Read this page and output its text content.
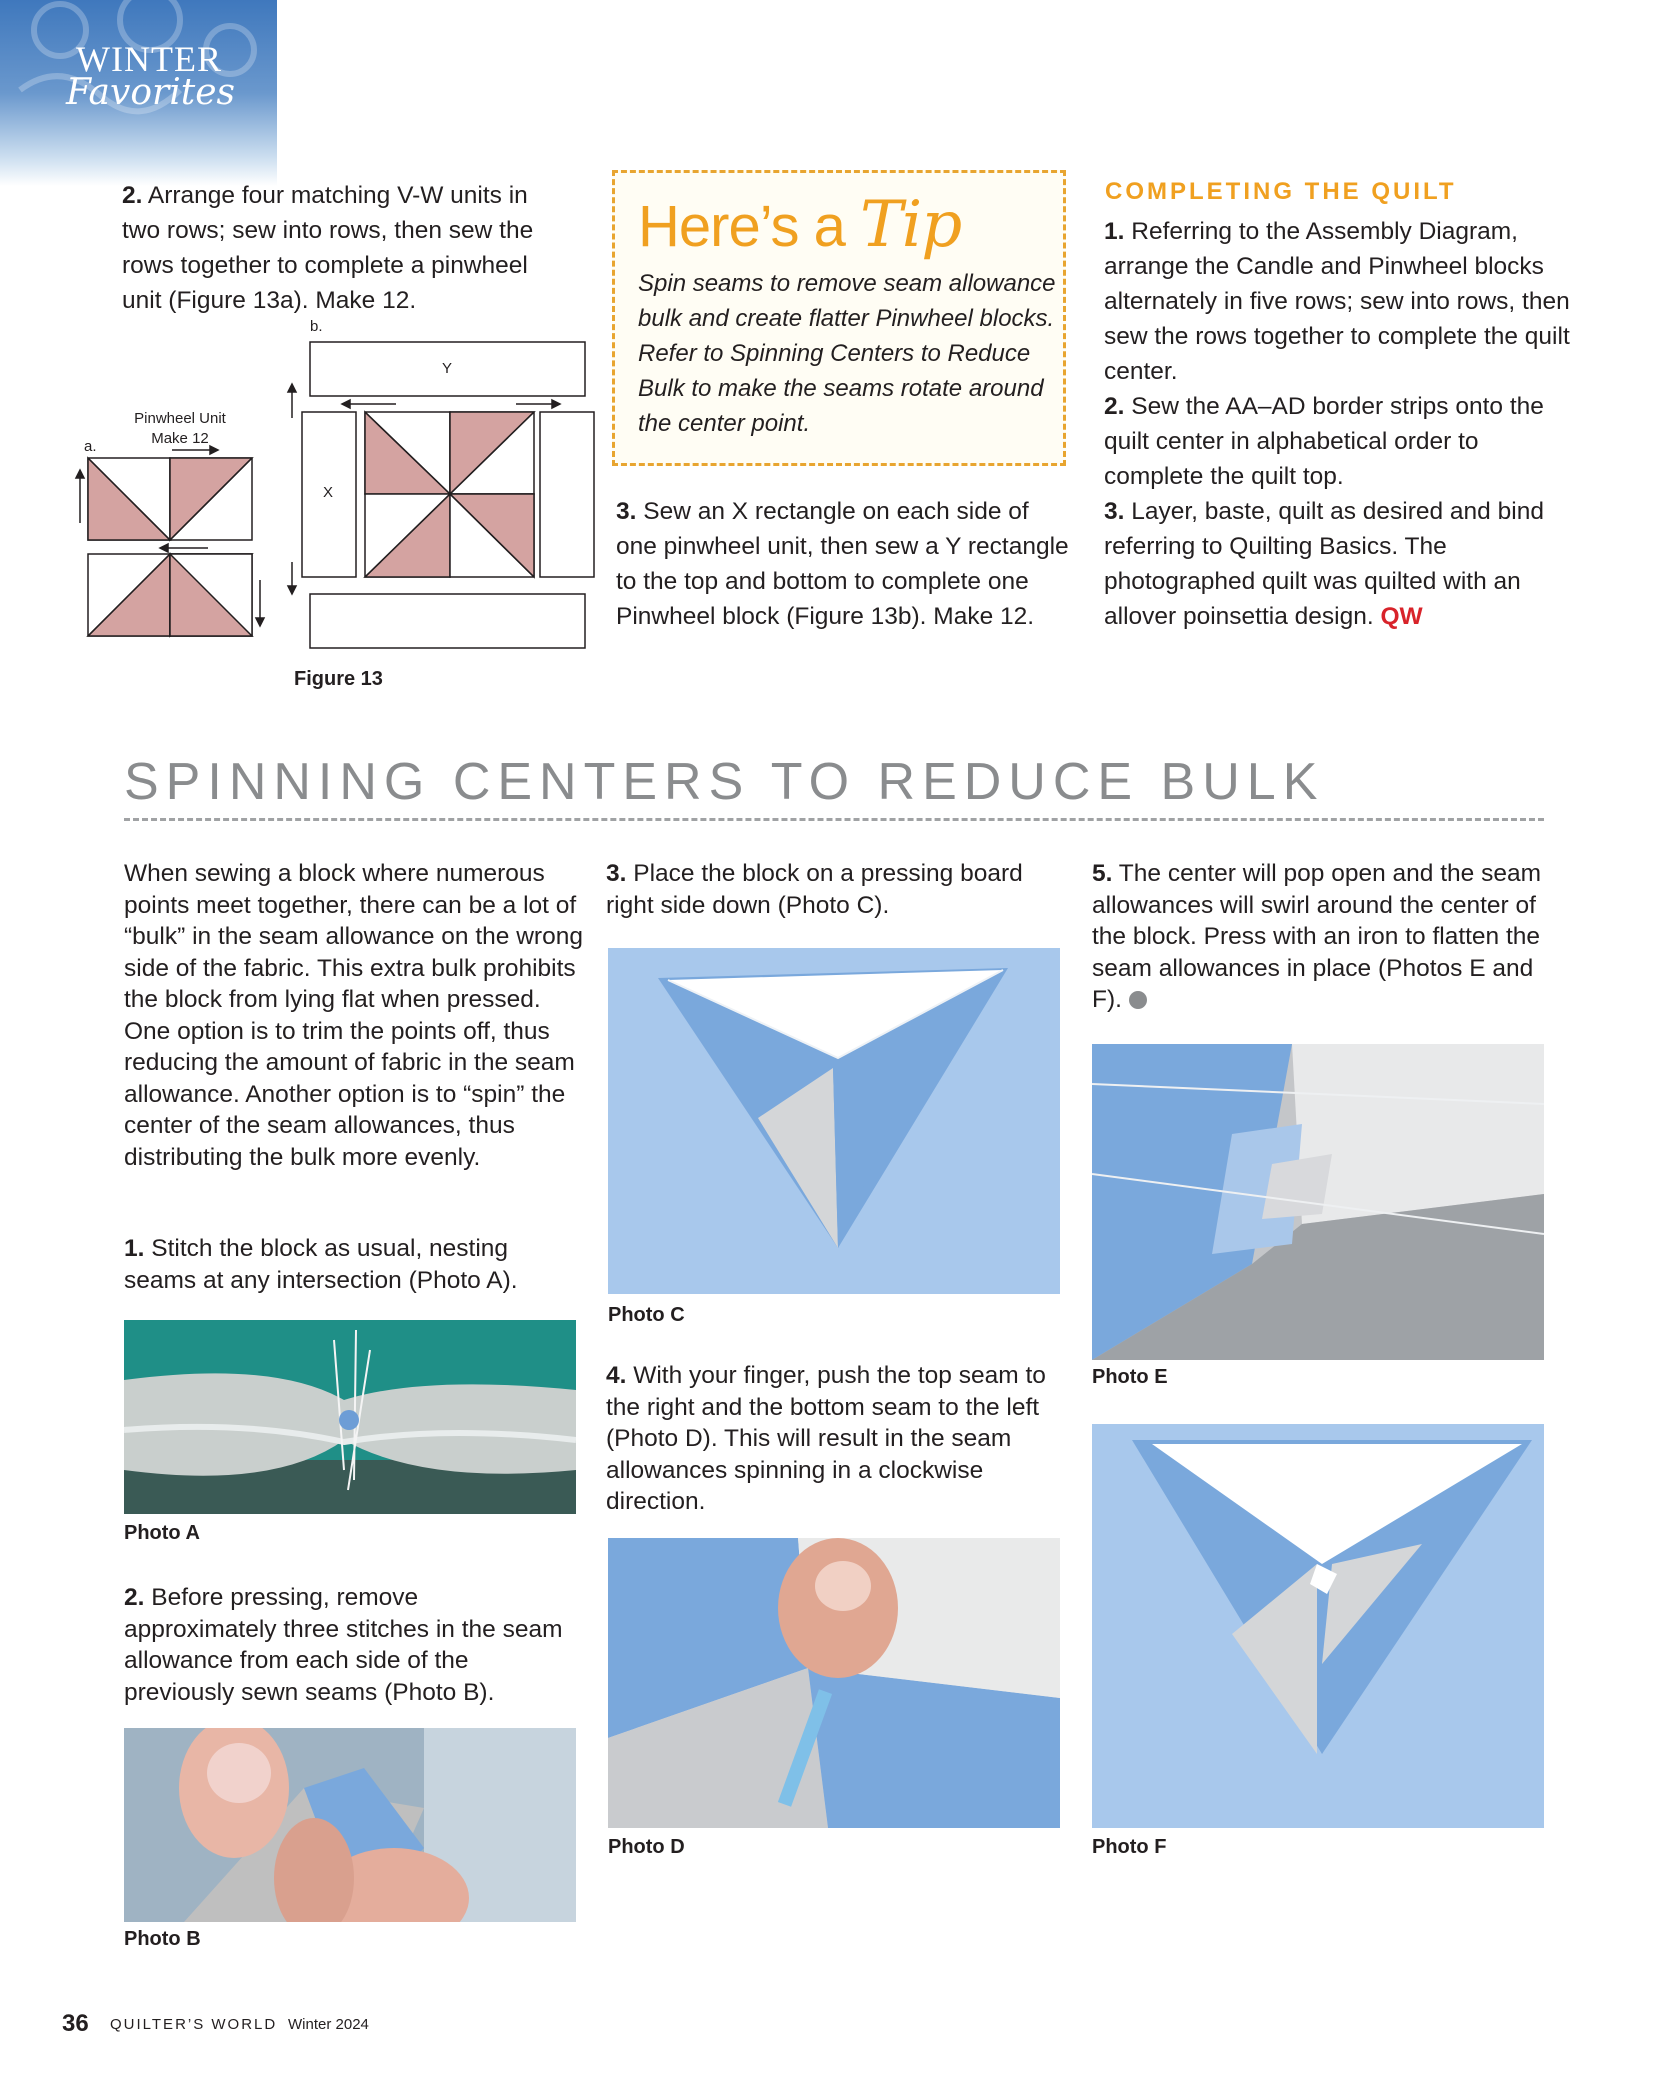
WINTER
Favorites
2. Arrange four matching V-W units in two rows; sew into rows, then sew the rows together to complete a pinwheel unit (Figure 13a). Make 12.
a.
b.
Pinwheel Unit
Make 12
X
Y
Figure 13
Here’s a Tip
Spin seams to remove seam allowance bulk and create flatter Pinwheel blocks. Refer to Spinning Centers to Reduce Bulk to make the seams rotate around the center point.
3. Sew an X rectangle on each side of one pinwheel unit, then sew a Y rectangle to the top and bottom to complete one Pinwheel block (Figure 13b). Make 12.
COMPLETING THE QUILT
1. Referring to the Assembly Diagram, arrange the Candle and Pinwheel blocks alternately in five rows; sew into rows, then sew the rows together to complete the quilt center.
2. Sew the AA–AD border strips onto the quilt center in alphabetical order to complete the quilt top.
3. Layer, baste, quilt as desired and bind referring to Quilting Basics. The photographed quilt was quilted with an allover poinsettia design. QW
SPINNING CENTERS TO REDUCE BULK
When sewing a block where numerous points meet together, there can be a lot of “bulk” in the seam allowance on the wrong side of the fabric. This extra bulk prohibits the block from lying flat when pressed. One option is to trim the points off, thus reducing the amount of fabric in the seam allowance. Another option is to “spin” the center of the seam allowances, thus distributing the bulk more evenly.
1. Stitch the block as usual, nesting seams at any intersection (Photo A).
Photo A
2. Before pressing, remove approximately three stitches in the seam allowance from each side of the previously sewn seams (Photo B).
Photo B
3. Place the block on a pressing board right side down (Photo C).
Photo C
4. With your finger, push the top seam to the right and the bottom seam to the left (Photo D). This will result in the seam allowances spinning in a clockwise direction.
Photo D
5. The center will pop open and the seam allowances will swirl around the center of the block. Press with an iron to flatten the seam allowances in place (Photos E and F).
Photo E
Photo F
36 QUILTER’S WORLD Winter 2024
